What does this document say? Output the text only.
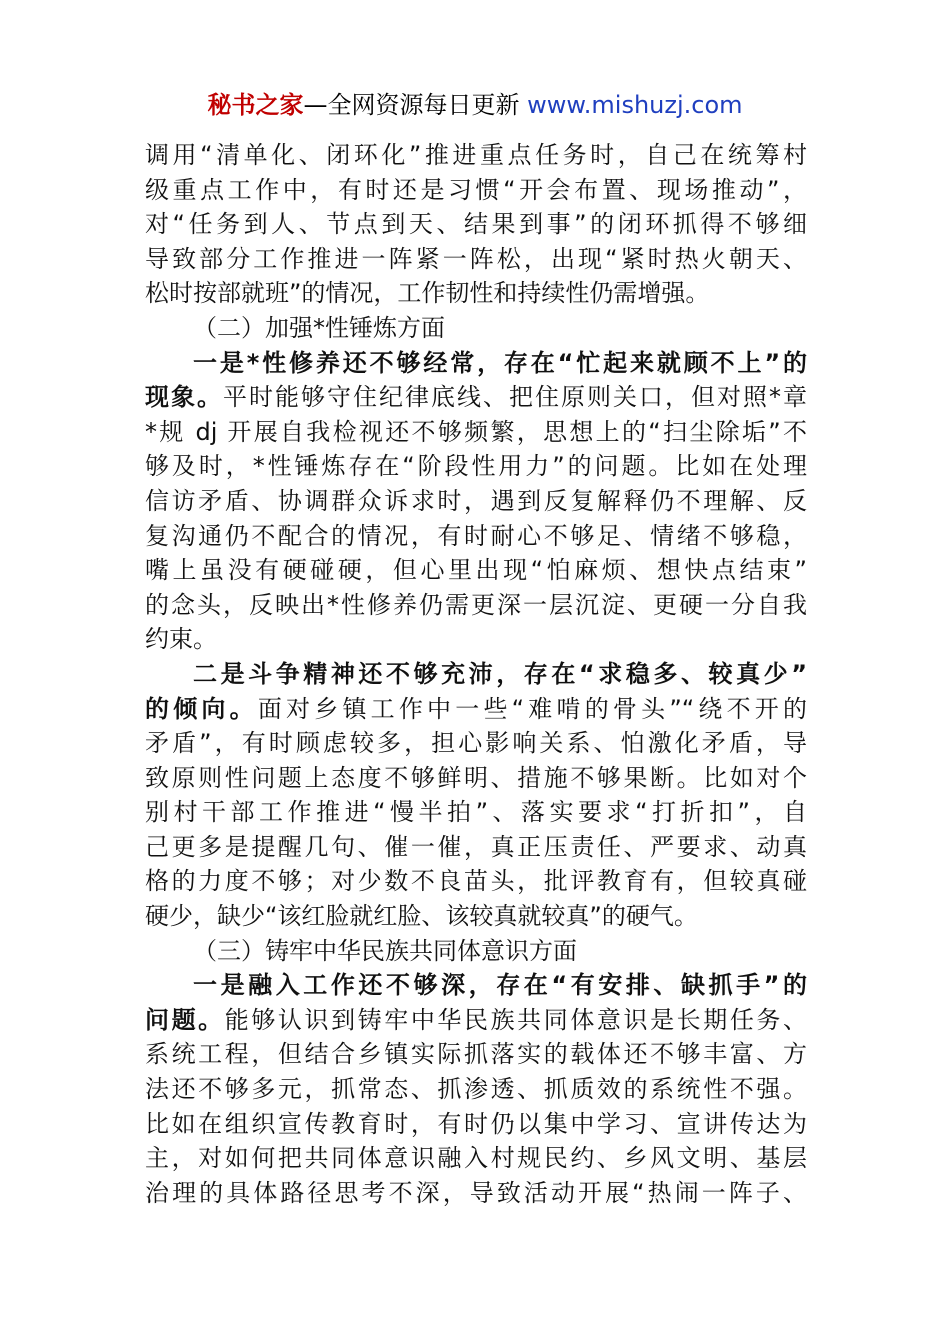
秘书之家—全网资源每日更新 www.mishuzj.com
调用“清单化、闭环化”推进重点任务时，自己在统筹村
级重点工作中，有时还是习惯“开会布置、现场推动”，
对“任务到人、节点到天、结果到事”的闭环抓得不够细
导致部分工作推进一阵紧一阵松，出现“紧时热火朝天、
松时按部就班”的情况，工作韧性和持续性仍需增强。
（二）加强*性锤炼方面
一是*性修养还不够经常，存在“忙起来就顾不上”的
现象。平时能够守住纪律底线、把住原则关口，但对照*章
*规 dj 开展自我检视还不够频繁，思想上的“扫尘除垢”不
够及时，*性锤炼存在“阶段性用力”的问题。比如在处理
信访矛盾、协调群众诉求时，遇到反复解释仍不理解、反
复沟通仍不配合的情况，有时耐心不够足、情绪不够稳，
嘴上虽没有硬碰硬，但心里出现“怕麻烦、想快点结束”
的念头，反映出*性修养仍需更深一层沉淀、更硬一分自我
约束。
二是斗争精神还不够充沛，存在“求稳多、较真少”
的倾向。面对乡镇工作中一些“难啃的骨头”“绕不开的
矛盾”，有时顾虑较多，担心影响关系、怕激化矛盾，导
致原则性问题上态度不够鲜明、措施不够果断。比如对个
别村干部工作推进“慢半拍”、落实要求“打折扣”，自
己更多是提醒几句、催一催，真正压责任、严要求、动真
格的力度不够；对少数不良苗头，批评教育有，但较真碰
硬少，缺少“该红脸就红脸、该较真就较真”的硬气。
（三）铸牢中华民族共同体意识方面
一是融入工作还不够深，存在“有安排、缺抓手”的
问题。能够认识到铸牢中华民族共同体意识是长期任务、
系统工程，但结合乡镇实际抓落实的载体还不够丰富、方
法还不够多元，抓常态、抓渗透、抓质效的系统性不强。
比如在组织宣传教育时，有时仍以集中学习、宣讲传达为
主，对如何把共同体意识融入村规民约、乡风文明、基层
治理的具体路径思考不深，导致活动开展“热闹一阵子、
